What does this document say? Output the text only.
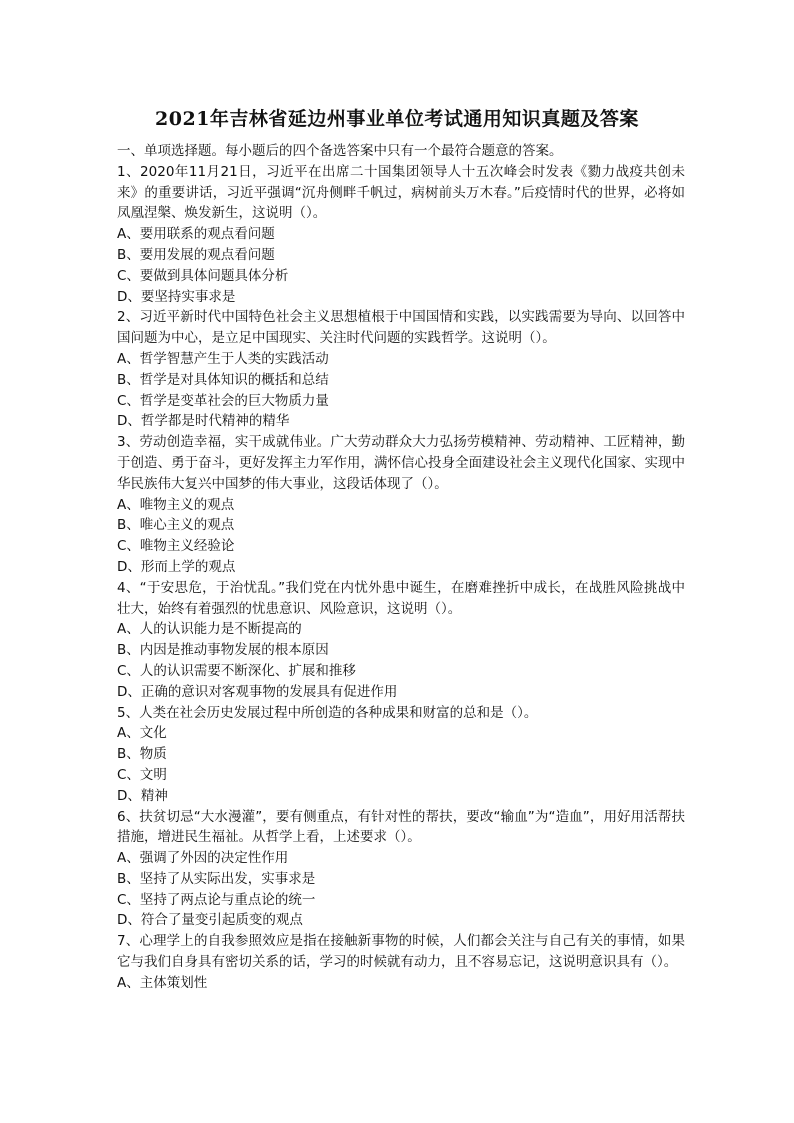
2021年吉林省延边州事业单位考试通用知识真题及答案
一、单项选择题。每小题后的四个备选答案中只有一个最符合题意的答案。
1、2020年11月21日，习近平在出席二十国集团领导人十五次峰会时发表《勠力战疫共创未来》的重要讲话，习近平强调“沉舟侧畔千帆过，病树前头万木春。”后疫情时代的世界，必将如凤凰涅槃、焕发新生，这说明（）。
A、要用联系的观点看问题
B、要用发展的观点看问题
C、要做到具体问题具体分析
D、要坚持实事求是
2、习近平新时代中国特色社会主义思想植根于中国国情和实践，以实践需要为导向、以回答中国问题为中心，是立足中国现实、关注时代问题的实践哲学。这说明（）。
A、哲学智慧产生于人类的实践活动
B、哲学是对具体知识的概括和总结
C、哲学是变革社会的巨大物质力量
D、哲学都是时代精神的精华
3、劳动创造幸福，实干成就伟业。广大劳动群众大力弘扬劳模精神、劳动精神、工匠精神，勤于创造、勇于奋斗，更好发挥主力军作用，满怀信心投身全面建设社会主义现代化国家、实现中华民族伟大复兴中国梦的伟大事业，这段话体现了（）。
A、唯物主义的观点
B、唯心主义的观点
C、唯物主义经验论
D、形而上学的观点
4、“于安思危，于治忧乱。”我们党在内忧外患中诞生，在磨难挫折中成长，在战胜风险挑战中壮大，始终有着强烈的忧患意识、风险意识，这说明（）。
A、人的认识能力是不断提高的
B、内因是推动事物发展的根本原因
C、人的认识需要不断深化、扩展和推移
D、正确的意识对客观事物的发展具有促进作用
5、人类在社会历史发展过程中所创造的各种成果和财富的总和是（）。
A、文化
B、物质
C、文明
D、精神
6、扶贫切忌“大水漫灌”，要有侧重点，有针对性的帮扶，要改“输血”为“造血”，用好用活帮扶措施，增进民生福祉。从哲学上看，上述要求（）。
A、强调了外因的决定性作用
B、坚持了从实际出发，实事求是
C、坚持了两点论与重点论的统一
D、符合了量变引起质变的观点
7、心理学上的自我参照效应是指在接触新事物的时候，人们都会关注与自己有关的事情，如果它与我们自身具有密切关系的话，学习的时候就有动力，且不容易忘记，这说明意识具有（）。
A、主体策划性
